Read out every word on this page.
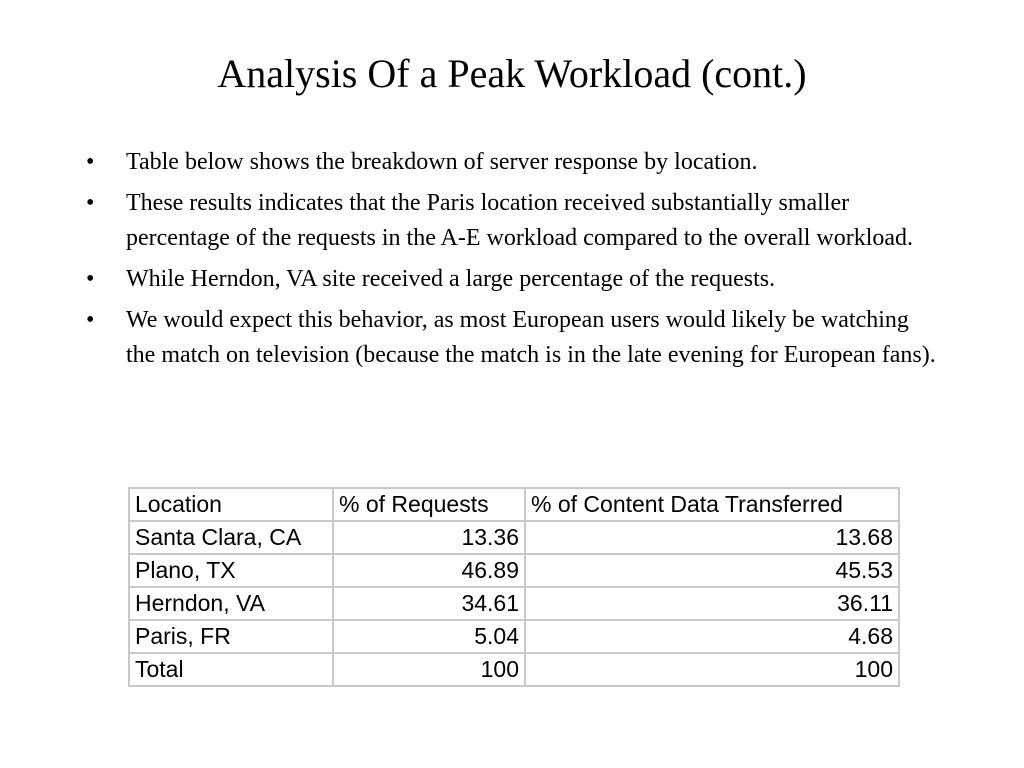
Analysis Of a Peak Workload (cont.)
• Table below shows the breakdown of server response by location.
• These results indicates that the Paris location received substantially smaller percentage of the requests in the A-E workload compared to the overall workload.
• While Herndon, VA site received a large percentage of the requests.
• We would expect this behavior, as most European users would likely be watching the match on television (because the match is in the late evening for European fans).
Location	% of Requests	% of Content Data Transferred
Santa Clara, CA	13.36	13.68
Plano, TX	46.89	45.53
Herndon, VA	34.61	36.11
Paris, FR	5.04	4.68
Total	100	100
